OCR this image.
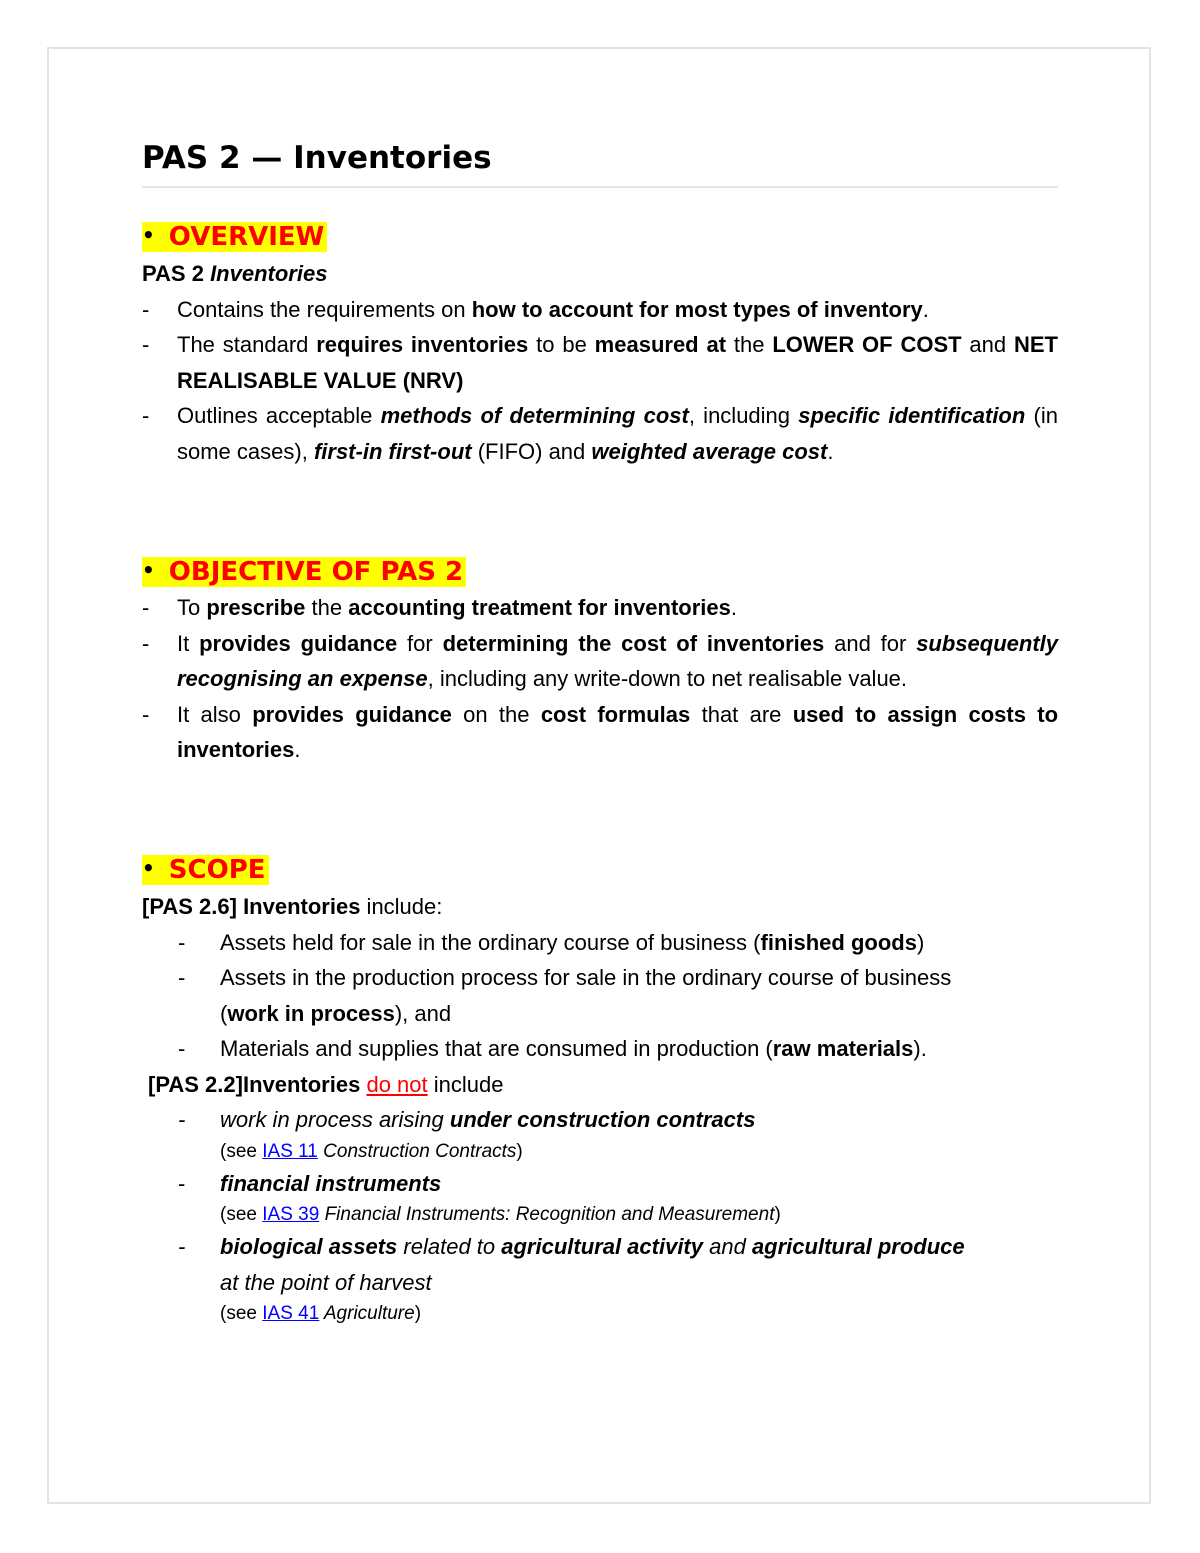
PAS 2 — Inventories
• OVERVIEW
PAS 2 Inventories
- Contains the requirements on how to account for most types of inventory.
- The standard requires inventories to be measured at the LOWER OF COST and NET REALISABLE VALUE (NRV)
- Outlines acceptable methods of determining cost, including specific identification (in some cases), first-in first-out (FIFO) and weighted average cost.
• OBJECTIVE OF PAS 2
- To prescribe the accounting treatment for inventories.
- It provides guidance for determining the cost of inventories and for subsequently recognising an expense, including any write-down to net realisable value.
- It also provides guidance on the cost formulas that are used to assign costs to inventories.
• SCOPE
[PAS 2.6] Inventories include:
- Assets held for sale in the ordinary course of business (finished goods)
- Assets in the production process for sale in the ordinary course of business (work in process), and
- Materials and supplies that are consumed in production (raw materials).
[PAS 2.2]Inventories do not include
- work in process arising under construction contracts
(see IAS 11 Construction Contracts)
- financial instruments
(see IAS 39 Financial Instruments: Recognition and Measurement)
- biological assets related to agricultural activity and agricultural produce at the point of harvest
(see IAS 41 Agriculture)
